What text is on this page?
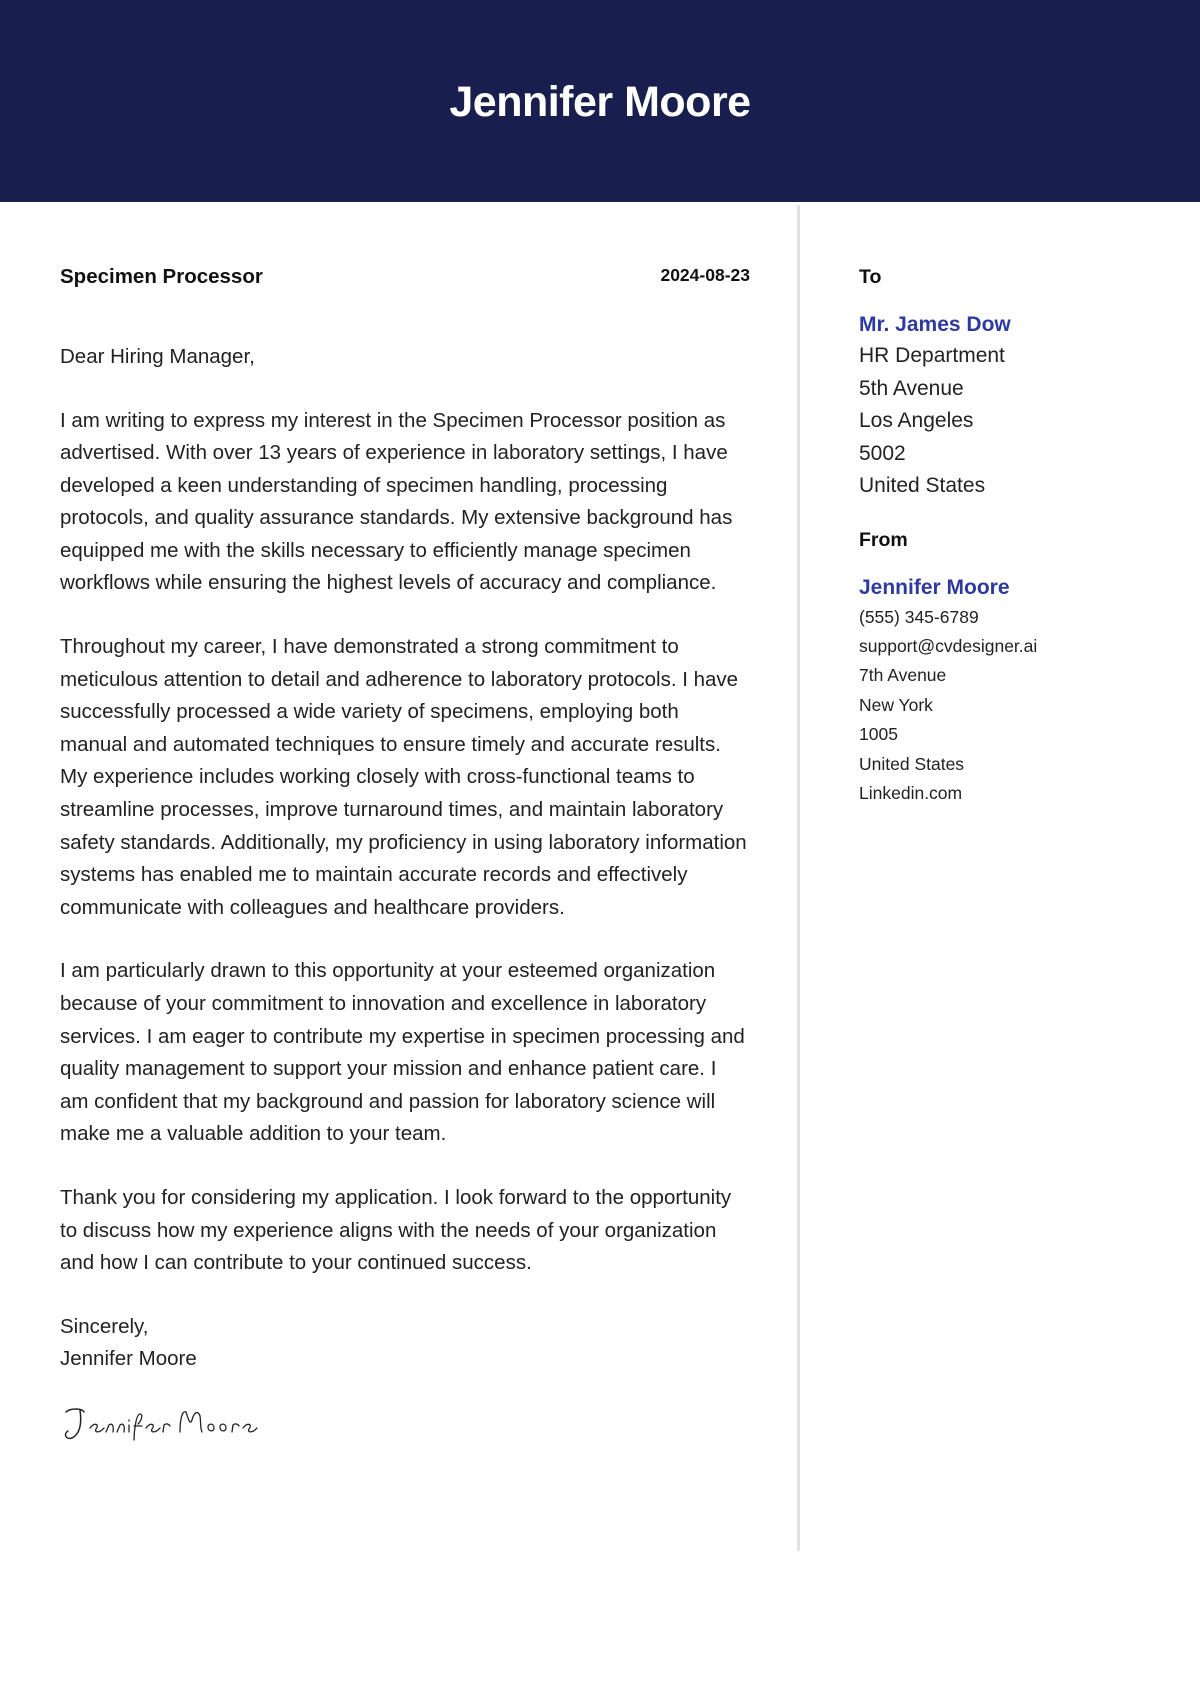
Jennifer Moore
Specimen Processor	2024-08-23
Dear Hiring Manager,
I am writing to express my interest in the Specimen Processor position as advertised. With over 13 years of experience in laboratory settings, I have developed a keen understanding of specimen handling, processing protocols, and quality assurance standards. My extensive background has equipped me with the skills necessary to efficiently manage specimen workflows while ensuring the highest levels of accuracy and compliance.
Throughout my career, I have demonstrated a strong commitment to meticulous attention to detail and adherence to laboratory protocols. I have successfully processed a wide variety of specimens, employing both manual and automated techniques to ensure timely and accurate results. My experience includes working closely with cross-functional teams to streamline processes, improve turnaround times, and maintain laboratory safety standards. Additionally, my proficiency in using laboratory information systems has enabled me to maintain accurate records and effectively communicate with colleagues and healthcare providers.
I am particularly drawn to this opportunity at your esteemed organization because of your commitment to innovation and excellence in laboratory services. I am eager to contribute my expertise in specimen processing and quality management to support your mission and enhance patient care. I am confident that my background and passion for laboratory science will make me a valuable addition to your team.
Thank you for considering my application. I look forward to the opportunity to discuss how my experience aligns with the needs of your organization and how I can contribute to your continued success.
Sincerely,
Jennifer Moore
To
Mr. James Dow
HR Department
5th Avenue
Los Angeles
5002
United States
From
Jennifer Moore
(555) 345-6789
support@cvdesigner.ai
7th Avenue
New York
1005
United States
Linkedin.com
